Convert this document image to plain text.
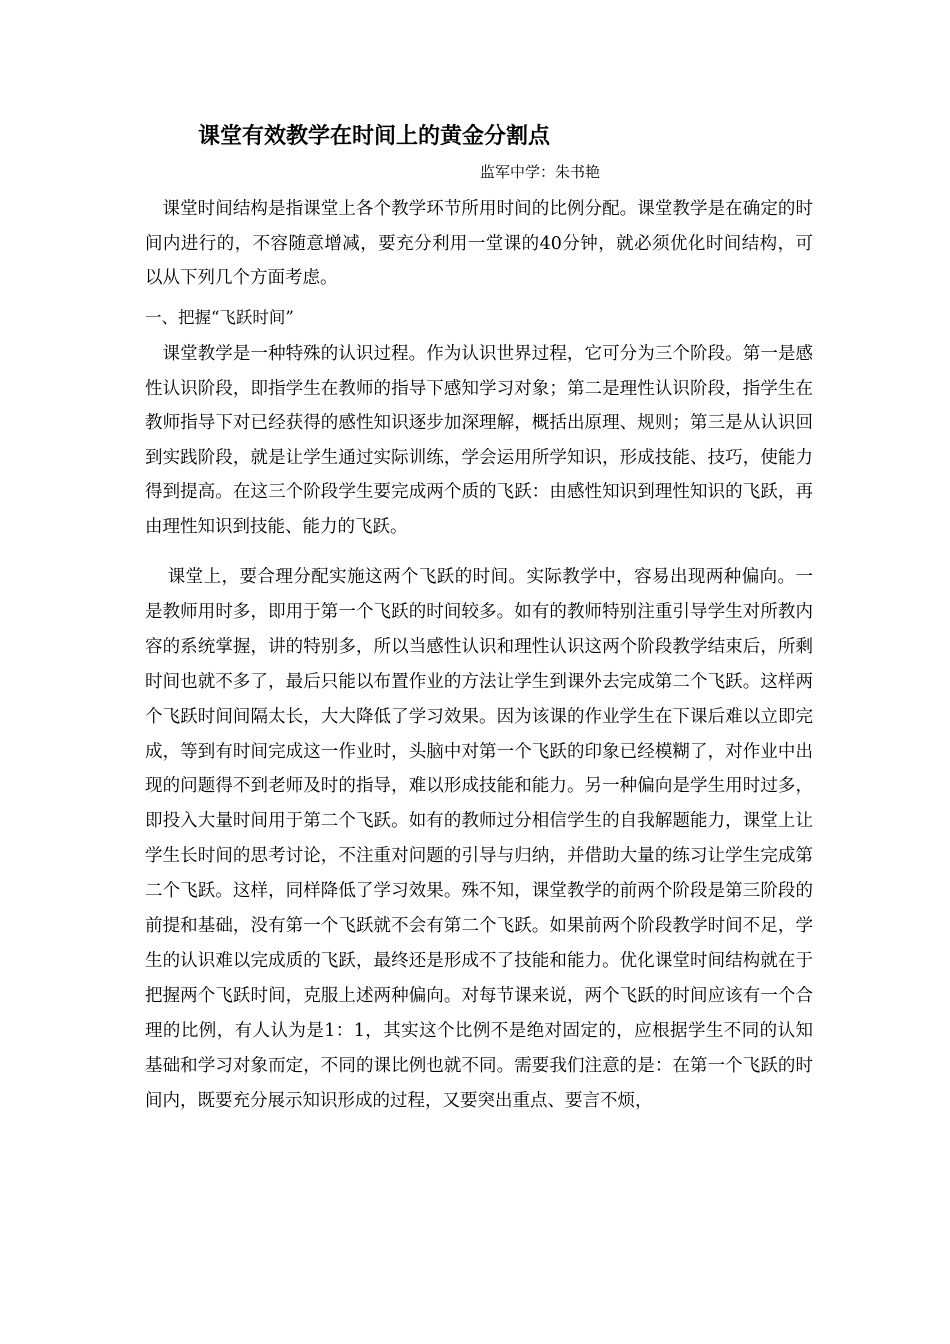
课堂有效教学在时间上的黄金分割点
监军中学：朱书艳
课堂时间结构是指课堂上各个教学环节所用时间的比例分配。课堂教学是在确定的时间内进行的，不容随意增减，要充分利用一堂课的40分钟，就必须优化时间结构，可以从下列几个方面考虑。
一、把握“飞跃时间”
课堂教学是一种特殊的认识过程。作为认识世界过程，它可分为三个阶段。第一是感性认识阶段，即指学生在教师的指导下感知学习对象；第二是理性认识阶段，指学生在教师指导下对已经获得的感性知识逐步加深理解，概括出原理、规则；第三是从认识回到实践阶段，就是让学生通过实际训练，学会运用所学知识，形成技能、技巧，使能力得到提高。在这三个阶段学生要完成两个质的飞跃：由感性知识到理性知识的飞跃，再由理性知识到技能、能力的飞跃。
课堂上，要合理分配实施这两个飞跃的时间。实际教学中，容易出现两种偏向。一是教师用时多，即用于第一个飞跃的时间较多。如有的教师特别注重引导学生对所教内容的系统掌握，讲的特别多，所以当感性认识和理性认识这两个阶段教学结束后，所剩时间也就不多了，最后只能以布置作业的方法让学生到课外去完成第二个飞跃。这样两个飞跃时间间隔太长，大大降低了学习效果。因为该课的作业学生在下课后难以立即完成，等到有时间完成这一作业时，头脑中对第一个飞跃的印象已经模糊了，对作业中出现的问题得不到老师及时的指导，难以形成技能和能力。另一种偏向是学生用时过多，即投入大量时间用于第二个飞跃。如有的教师过分相信学生的自我解题能力，课堂上让学生长时间的思考讨论，不注重对问题的引导与归纳，并借助大量的练习让学生完成第二个飞跃。这样，同样降低了学习效果。殊不知，课堂教学的前两个阶段是第三阶段的前提和基础，没有第一个飞跃就不会有第二个飞跃。如果前两个阶段教学时间不足，学生的认识难以完成质的飞跃，最终还是形成不了技能和能力。优化课堂时间结构就在于把握两个飞跃时间，克服上述两种偏向。对每节课来说，两个飞跃的时间应该有一个合理的比例，有人认为是1：1，其实这个比例不是绝对固定的，应根据学生不同的认知基础和学习对象而定，不同的课比例也就不同。需要我们注意的是：在第一个飞跃的时间内，既要充分展示知识形成的过程，又要突出重点、要言不烦，
